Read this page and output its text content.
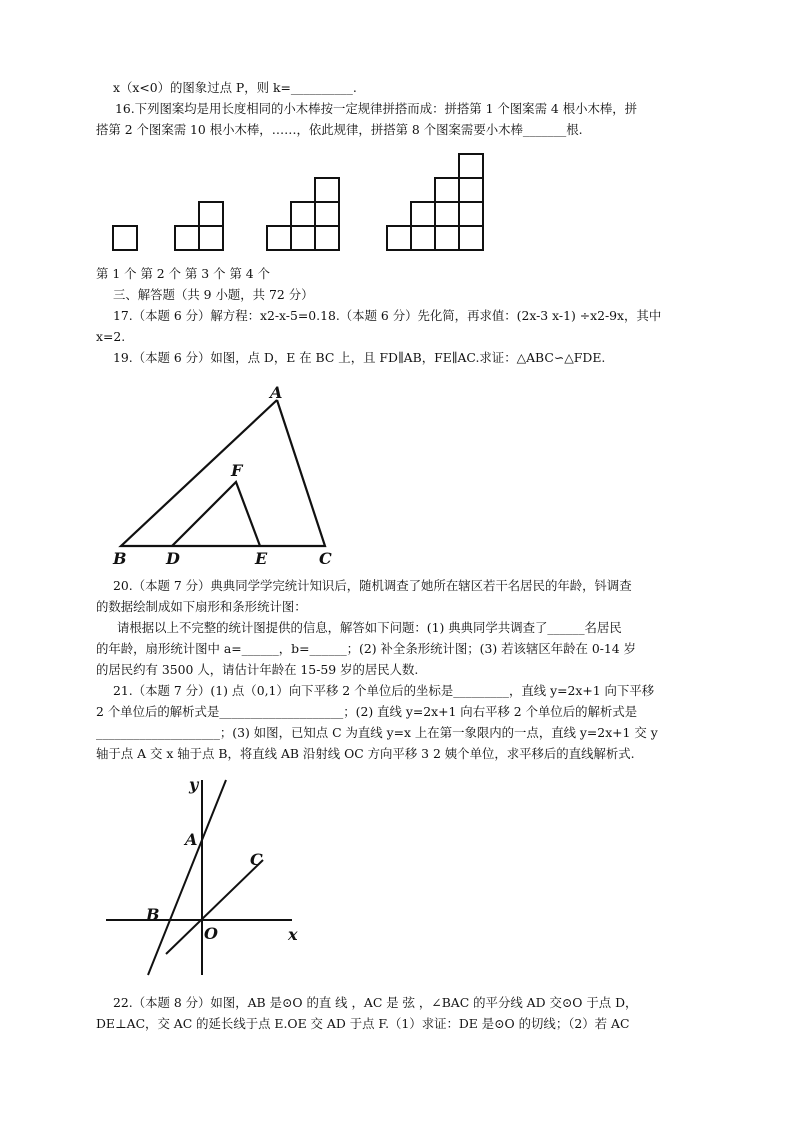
x（x<0）的图象过点 P，则 k=__________.
16.下列图案均是用长度相同的小木棒按一定规律拼搭而成：拼搭第 1 个图案需 4 根小木棒，拼
搭第 2 个图案需 10 根小木棒，……，依此规律，拼搭第 8 个图案需要小木棒_______根.
第 1 个 第 2 个 第 3 个 第 4 个
三、解答题（共 9 小题，共 72 分）
17.（本题 6 分）解方程：x2-x-5=0.18.（本题 6 分）先化简，再求值：(2x-3 x-1) ÷x2-9x，其中
x=2.
19.（本题 6 分）如图，点 D，E 在 BC 上，且 FD∥AB，FE∥AC.求证：△ABC∽△FDE.
A
F
B D	E	C
20.（本题 7 分）典典同学学完统计知识后，随机调查了她所在辖区若干名居民的年龄，钭调查
的数据绘制成如下扇形和条形统计图：
请根据以上不完整的统计图提供的信息，解答如下问题：(1) 典典同学共调查了______名居民
的年龄，扇形统计图中 a=______，b=______；(2) 补全条形统计图；(3) 若该辖区年龄在 0-14 岁
的居民约有 3500 人，请估计年龄在 15-59 岁的居民人数.
21.（本题 7 分）(1) 点（0,1）向下平移 2 个单位后的坐标是_________，直线 y=2x+1 向下平移
2 个单位后的解析式是____________________；(2) 直线 y=2x+1 向右平移 2 个单位后的解析式是
____________________；(3) 如图，已知点 C 为直线 y=x 上在第一象限内的一点，直线 y=2x+1 交 y
轴于点 A 交 x 轴于点 B，将直线 AB 沿射线 OC 方向平移 3 2 姨个单位，求平移后的直线解析式.
y
x
A
B
C
O
22.（本题 8 分）如图，AB 是⊙O 的直 线 ，AC 是 弦 ，∠BAC 的平分线 AD 交⊙O 于点 D，
DE⊥AC，交 AC 的延长线于点 E.OE 交 AD 于点 F.（1）求证：DE 是⊙O 的切线；（2）若 AC
